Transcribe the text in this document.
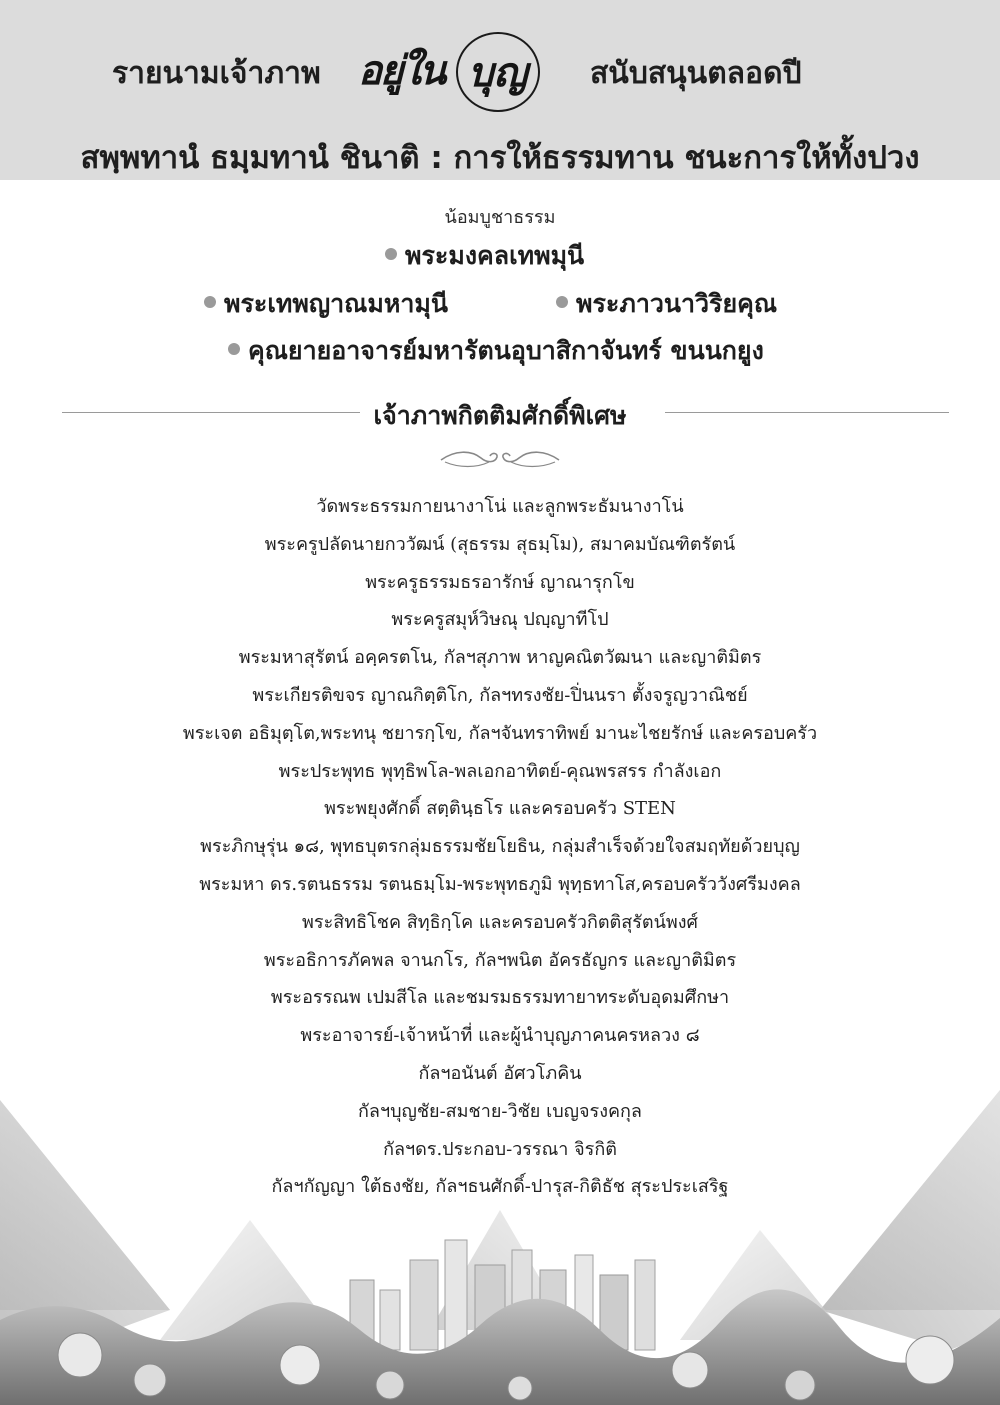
รายนามเจ้าภาพ อยู่ใน บุญ สนับสนุนตลอดปี
สพฺพทานํ ธมฺมทานํ ชินาติ : การให้ธรรมทาน ชนะการให้ทั้งปวง
น้อมบูชาธรรม
พระมงคลเทพมุนี
พระเทพญาณมหามุนี	พระภาวนาวิริยคุณ
คุณยายอาจารย์มหารัตนอุบาสิกาจันทร์ ขนนกยูง
เจ้าภาพกิตติมศักดิ์พิเศษ
วัดพระธรรมกายนางาโน่ และลูกพระธัมนางาโน่
พระครูปลัดนายกววัฒน์ (สุธรรม สุธมฺโม), สมาคมบัณฑิตรัตน์
พระครูธรรมธรอารักษ์ ญาณารุกโข
พระครูสมุห์วิษณุ ปญฺญาทีโป
พระมหาสุรัตน์ อคฺครตโน, กัลฯสุภาพ หาญคณิตวัฒนา และญาติมิตร
พระเกียรติขจร ญาณกิตฺติโก, กัลฯทรงชัย-ปิ่นนรา ตั้งจรูญวาณิชย์
พระเจต อธิมุตฺโต,พระทนุ ชยารกฺโข, กัลฯจันทราทิพย์ มานะไชยรักษ์ และครอบครัว
พระประพุทธ พุทฺธิพโล-พลเอกอาทิตย์-คุณพรสรร กำลังเอก
พระพยุงศักดิ์ สตฺตินฺธโร และครอบครัว STEN
พระภิกษุรุ่น ๑๘, พุทธบุตรกลุ่มธรรมชัยโยธิน, กลุ่มสำเร็จด้วยใจสมฤทัยด้วยบุญ
พระมหา ดร.รตนธรรม รตนธมฺโม-พระพุทธภูมิ พุทฺธทาโส,ครอบครัววังศรีมงคล
พระสิทธิโชค สิทฺธิกฺโค และครอบครัวกิตติสุรัตน์พงศ์
พระอธิการภัคพล จานกโร, กัลฯพนิต อัครธัญกร และญาติมิตร
พระอรรณพ เปมสีโล และชมรมธรรมทายาทระดับอุดมศึกษา
พระอาจารย์-เจ้าหน้าที่ และผู้นำบุญภาคนครหลวง ๘
กัลฯอนันต์ อัศวโภคิน
กัลฯบุญชัย-สมชาย-วิชัย เบญจรงคกุล
กัลฯดร.ประกอบ-วรรณา จิรกิติ
กัลฯกัญญา ใต้ธงชัย, กัลฯธนศักดิ์-ปารุส-กิติธัช สุระประเสริฐ
